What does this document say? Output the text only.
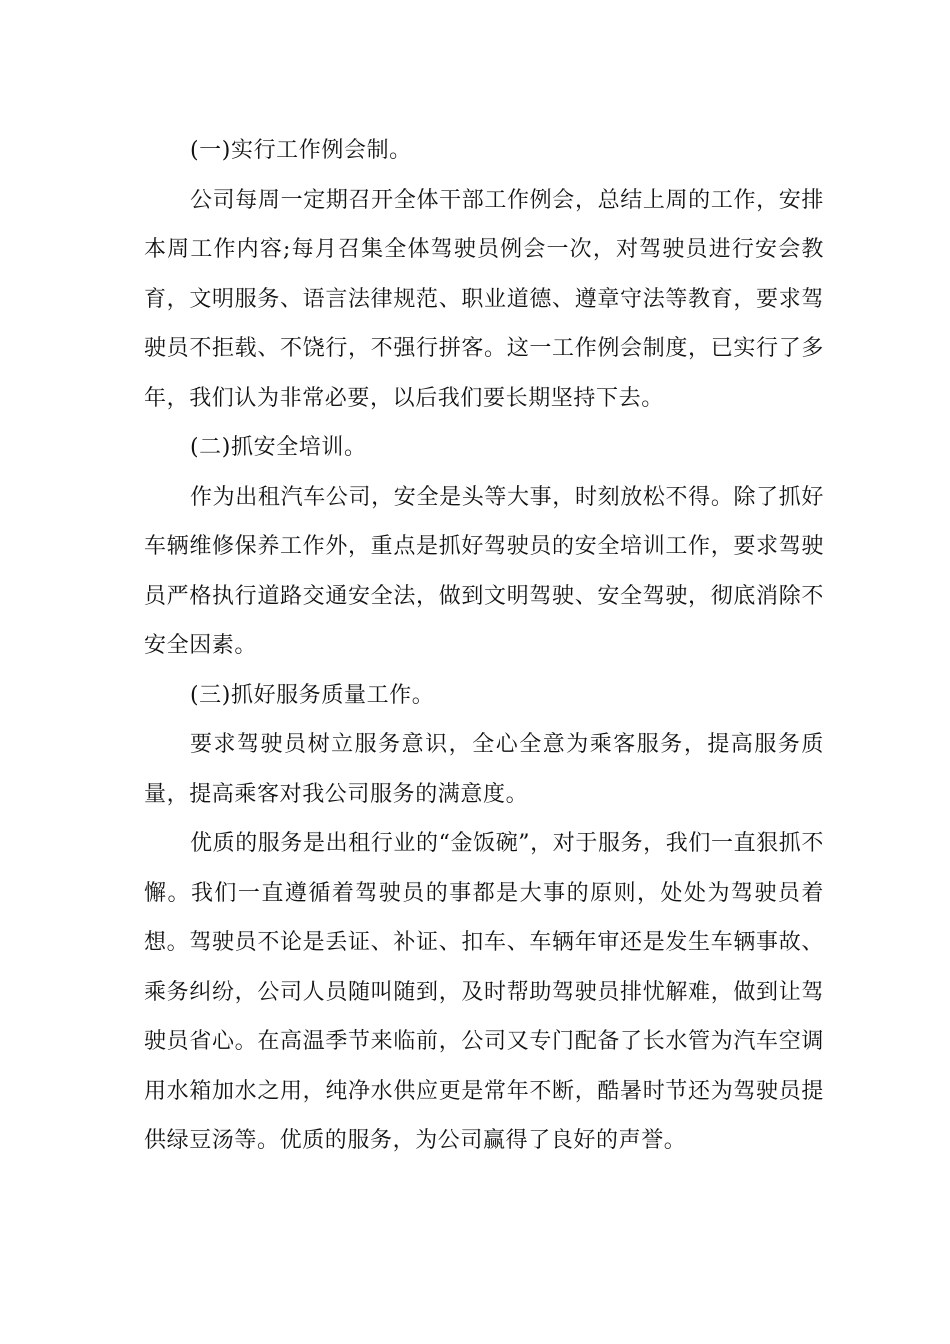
(一)实行工作例会制。

公司每周一定期召开全体干部工作例会，总结上周的工作，安排本周工作内容;每月召集全体驾驶员例会一次，对驾驶员进行安会教育，文明服务、语言法律规范、职业道德、遵章守法等教育，要求驾驶员不拒载、不饶行，不强行拼客。这一工作例会制度，已实行了多年，我们认为非常必要，以后我们要长期坚持下去。

(二)抓安全培训。

作为出租汽车公司，安全是头等大事，时刻放松不得。除了抓好车辆维修保养工作外，重点是抓好驾驶员的安全培训工作，要求驾驶员严格执行道路交通安全法，做到文明驾驶、安全驾驶，彻底消除不安全因素。

(三)抓好服务质量工作。

要求驾驶员树立服务意识，全心全意为乘客服务，提高服务质量，提高乘客对我公司服务的满意度。

优质的服务是出租行业的“金饭碗”，对于服务，我们一直狠抓不懈。我们一直遵循着驾驶员的事都是大事的原则，处处为驾驶员着想。驾驶员不论是丢证、补证、扣车、车辆年审还是发生车辆事故、乘务纠纷，公司人员随叫随到，及时帮助驾驶员排忧解难，做到让驾驶员省心。在高温季节来临前，公司又专门配备了长水管为汽车空调用水箱加水之用，纯净水供应更是常年不断，酷暑时节还为驾驶员提供绿豆汤等。优质的服务，为公司赢得了良好的声誉。
